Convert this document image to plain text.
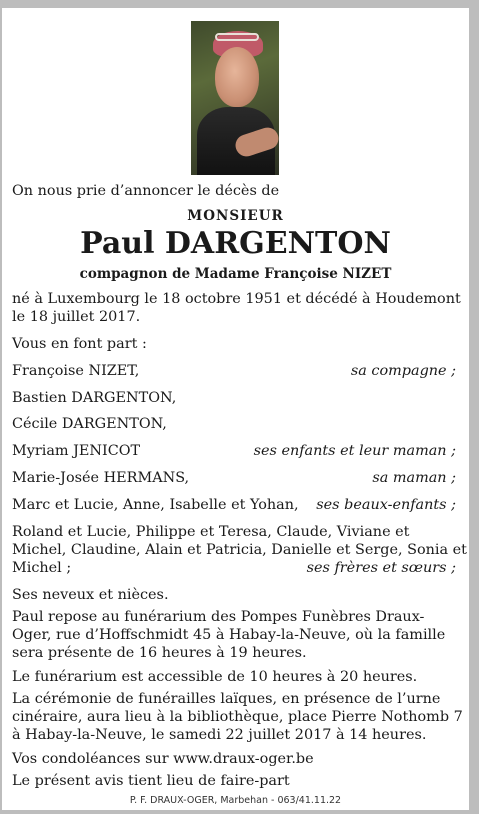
On nous prie d’annoncer le décès de
MONSIEUR
Paul DARGENTON
compagnon de Madame Françoise NIZET
né à Luxembourg le 18 octobre 1951 et décédé à Houdemont
le 18 juillet 2017.
Vous en font part :
Françoise NIZET,	sa compagne ;
Bastien DARGENTON,
Cécile DARGENTON,
Myriam JENICOT	ses enfants et leur maman ;
Marie-Josée HERMANS,	sa maman ;
Marc et Lucie, Anne, Isabelle et Yohan, ses beaux-enfants ;
Roland et Lucie, Philippe et Teresa, Claude, Viviane et
Michel, Claudine, Alain et Patricia, Danielle et Serge, Sonia et
Michel ;	ses frères et sœurs ;
Ses neveux et nièces.
Paul repose au funérarium des Pompes Funèbres Draux-
Oger, rue d’Hoffschmidt 45 à Habay-la-Neuve, où la famille
sera présente de 16 heures à 19 heures.
Le funérarium est accessible de 10 heures à 20 heures.
La cérémonie de funérailles laïques, en présence de l’urne
cinéraire, aura lieu à la bibliothèque, place Pierre Nothomb 7
à Habay-la-Neuve, le samedi 22 juillet 2017 à 14 heures.
Vos condoléances sur www.draux-oger.be
Le présent avis tient lieu de faire-part
P. F. DRAUX-OGER, Marbehan - 063/41.11.22
